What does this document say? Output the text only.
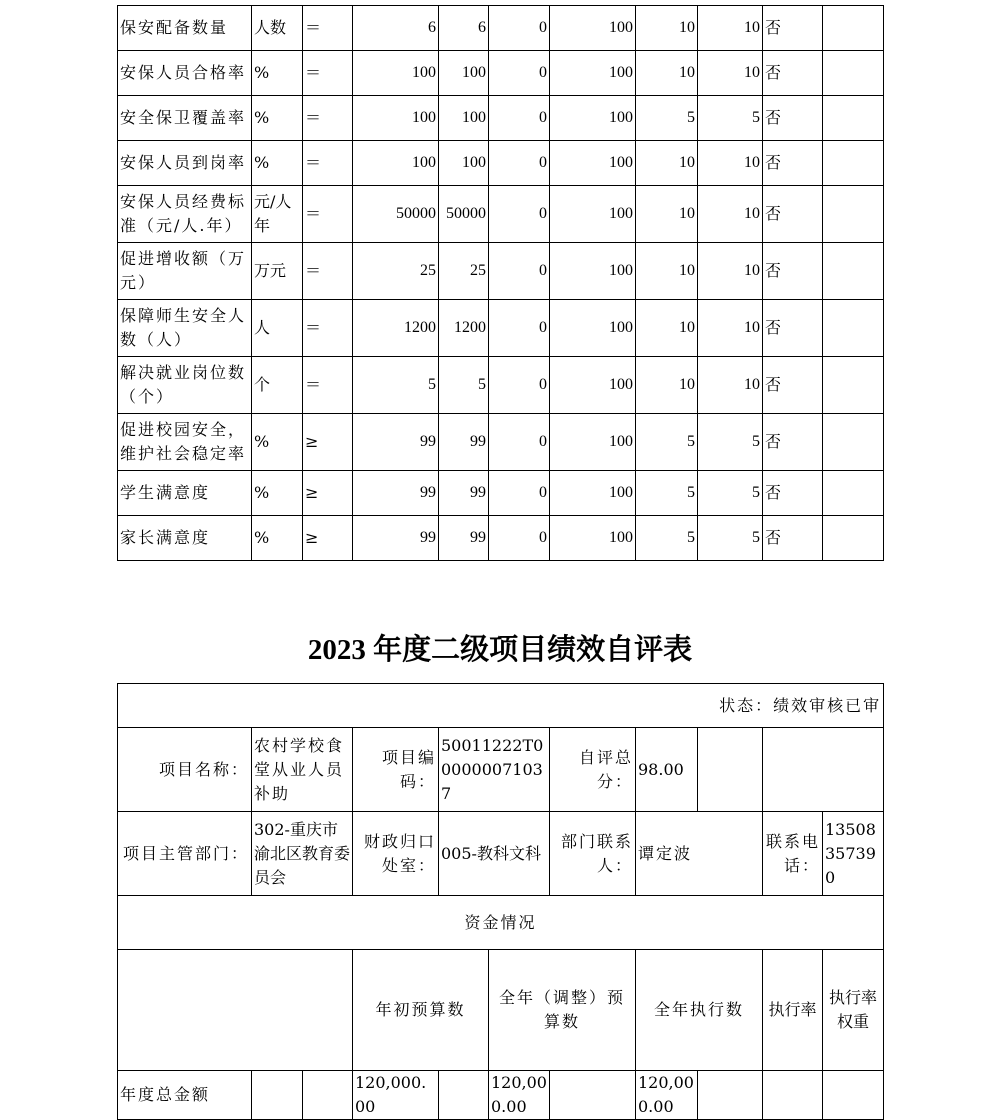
保安配备数量	人数	＝	6	6	0	100	10	10	否	
安保人员合格率	%	＝	100	100	0	100	10	10	否	
安全保卫覆盖率	%	＝	100	100	0	100	5	5	否	
安保人员到岗率	%	＝	100	100	0	100	10	10	否	
安保人员经费标准（元/人.年）	元/人年	＝	50000	50000	0	100	10	10	否	
促进增收额（万元）	万元	＝	25	25	0	100	10	10	否	
保障师生安全人数（人）	人	＝	1200	1200	0	100	10	10	否	
解决就业岗位数（个）	个	＝	5	5	0	100	10	10	否	
促进校园安全，维护社会稳定率	%	≥	99	99	0	100	5	5	否	
学生满意度	%	≥	99	99	0	100	5	5	否	
家长满意度	%	≥	99	99	0	100	5	5	否	
2023 年度二级项目绩效自评表
状态：绩效审核已审											
项目名称：	农村学校食堂从业人员补助		项目编码：	50011222T000000071037		自评总分：	98.00				
项目主管部门：	302-重庆市渝北区教育委员会		财政归口处室：	005-教科文科		部门联系人：	谭定波		联系电话：	13508357390	
资金情况											
			年初预算数		全年（调整）预算数		全年执行数		执行率	执行率权重	
年度总金额			120,000.00		120,000.00		120,000.00				
